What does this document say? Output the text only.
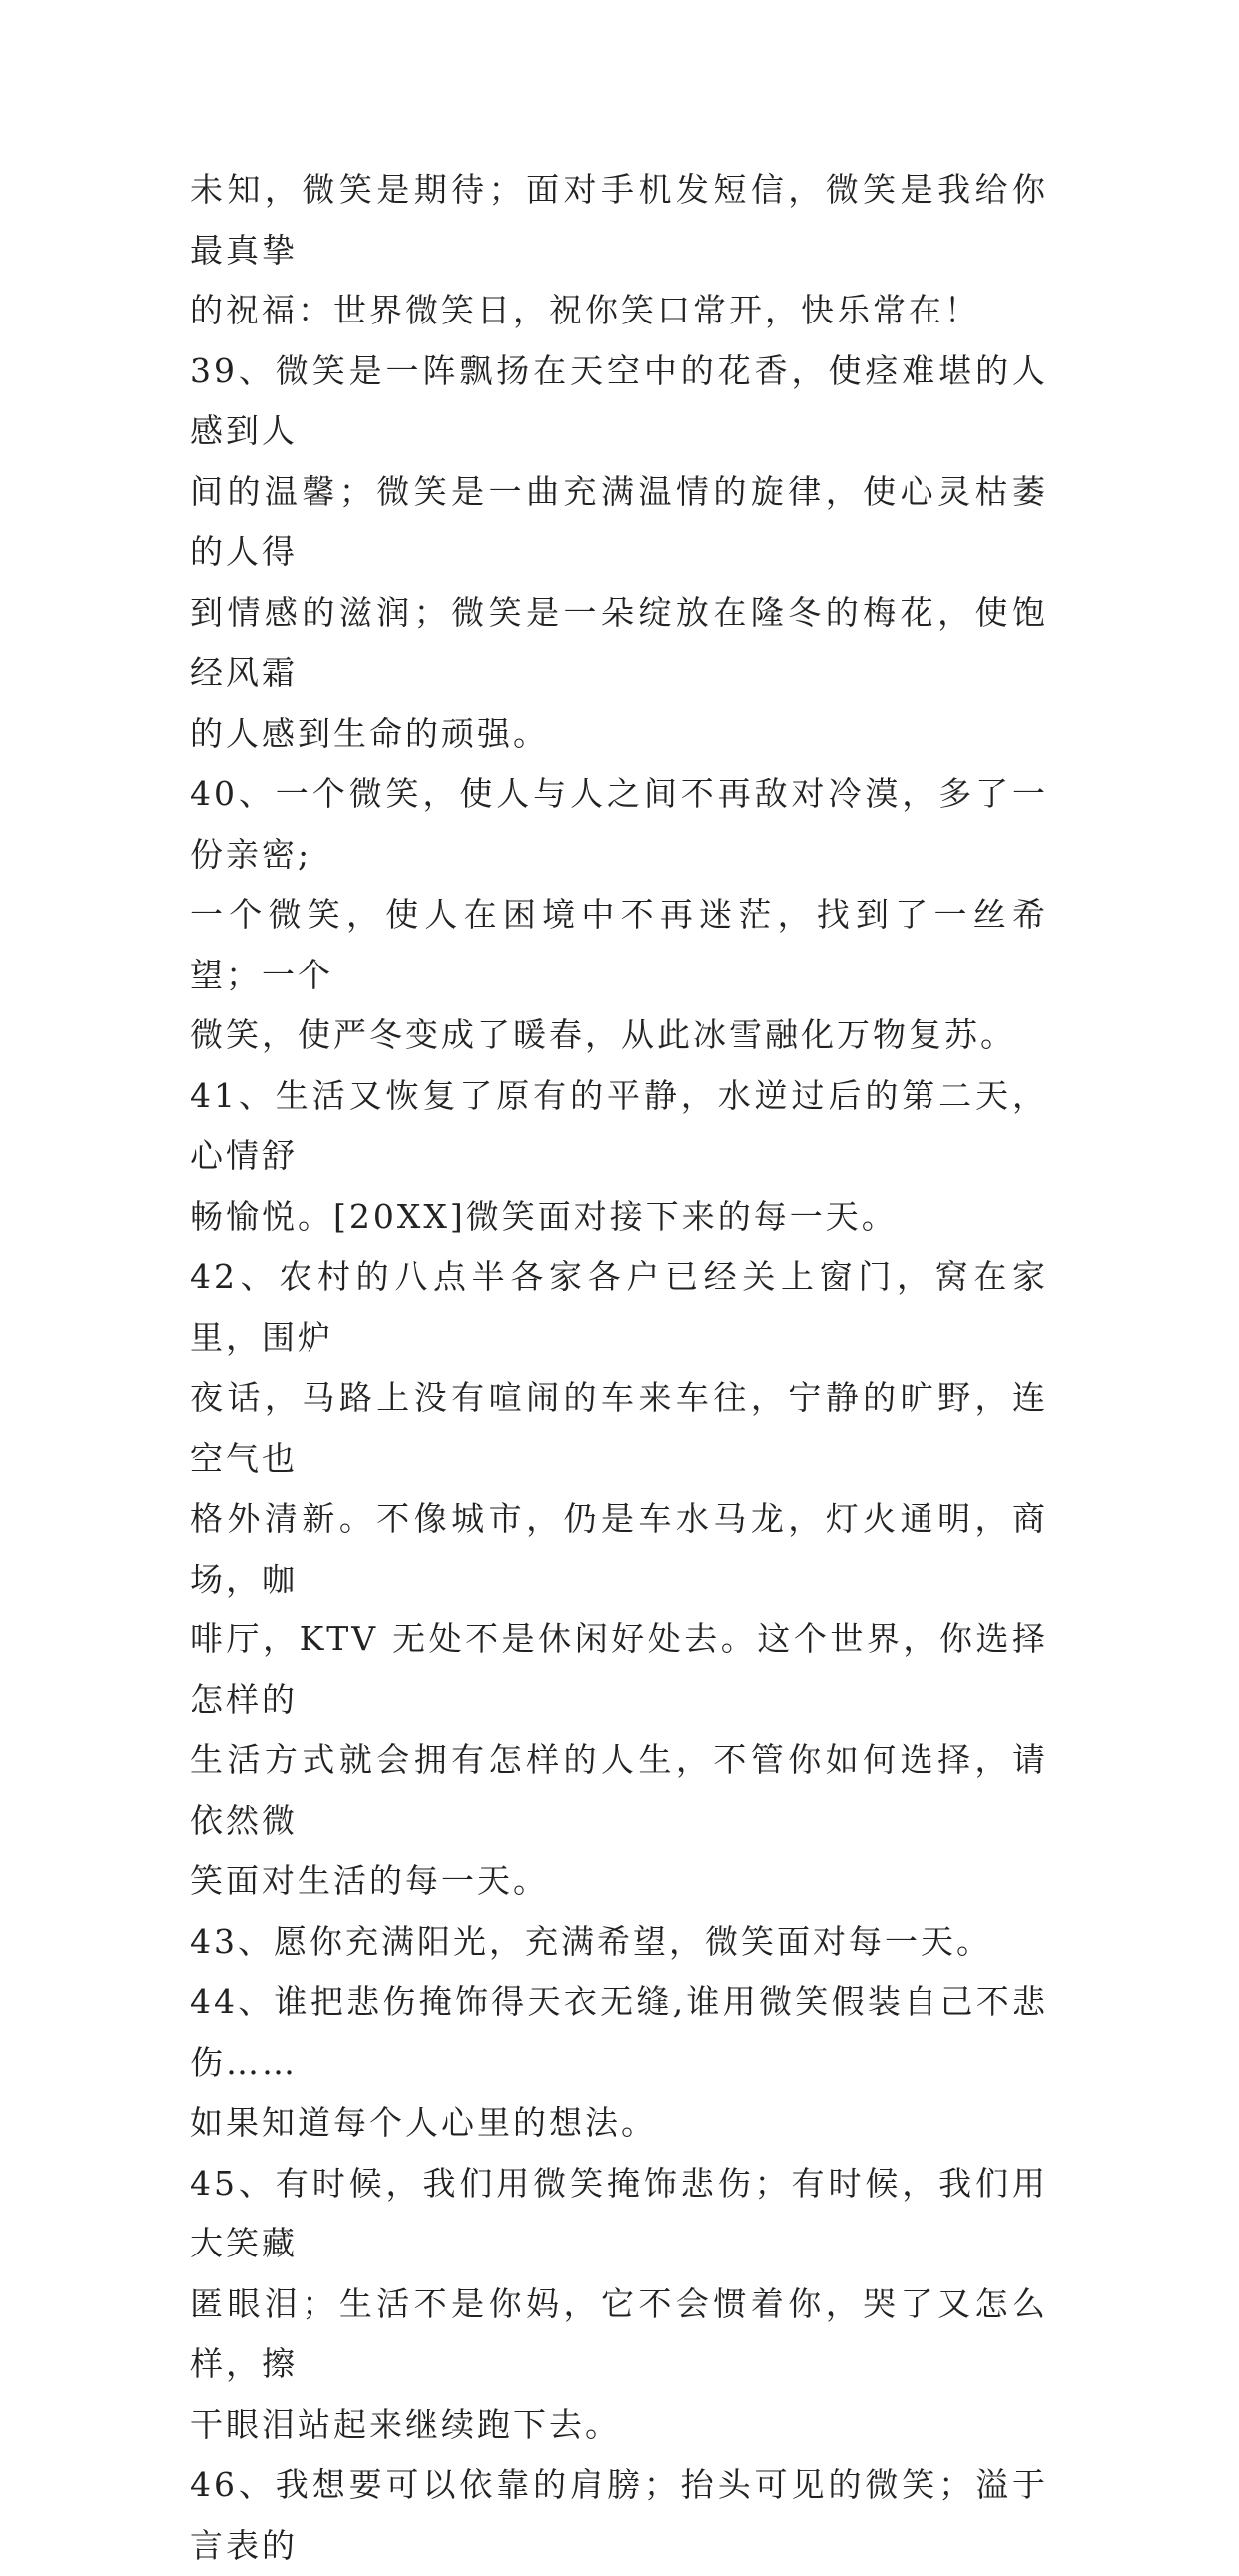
未知，微笑是期待；面对手机发短信，微笑是我给你最真挚

的祝福：世界微笑日，祝你笑口常开，快乐常在！

39、微笑是一阵飘扬在天空中的花香，使痉难堪的人感到人

间的温馨；微笑是一曲充满温情的旋律，使心灵枯萎的人得

到情感的滋润；微笑是一朵绽放在隆冬的梅花，使饱经风霜

的人感到生命的顽强。

40、一个微笑，使人与人之间不再敌对冷漠，多了一份亲密;

一个微笑，使人在困境中不再迷茫，找到了一丝希望；一个

微笑，使严冬变成了暖春，从此冰雪融化万物复苏。

41、生活又恢复了原有的平静，水逆过后的第二天，心情舒

畅愉悦。[20XX]微笑面对接下来的每一天。

42、农村的八点半各家各户已经关上窗门，窝在家里，围炉

夜话，马路上没有喧闹的车来车往，宁静的旷野，连空气也

格外清新。不像城市，仍是车水马龙，灯火通明，商场，咖

啡厅，KTV 无处不是休闲好处去。这个世界，你选择怎样的

生活方式就会拥有怎样的人生，不管你如何选择，请依然微

笑面对生活的每一天。

43、愿你充满阳光，充满希望，微笑面对每一天。

44、谁把悲伤掩饰得天衣无缝,谁用微笑假装自己不悲伤……

如果知道每个人心里的想法。

45、有时候，我们用微笑掩饰悲伤；有时候，我们用大笑藏

匿眼泪；生活不是你妈，它不会惯着你，哭了又怎么样，擦

干眼泪站起来继续跑下去。

46、我想要可以依靠的肩膀；抬头可见的微笑；溢于言表的
